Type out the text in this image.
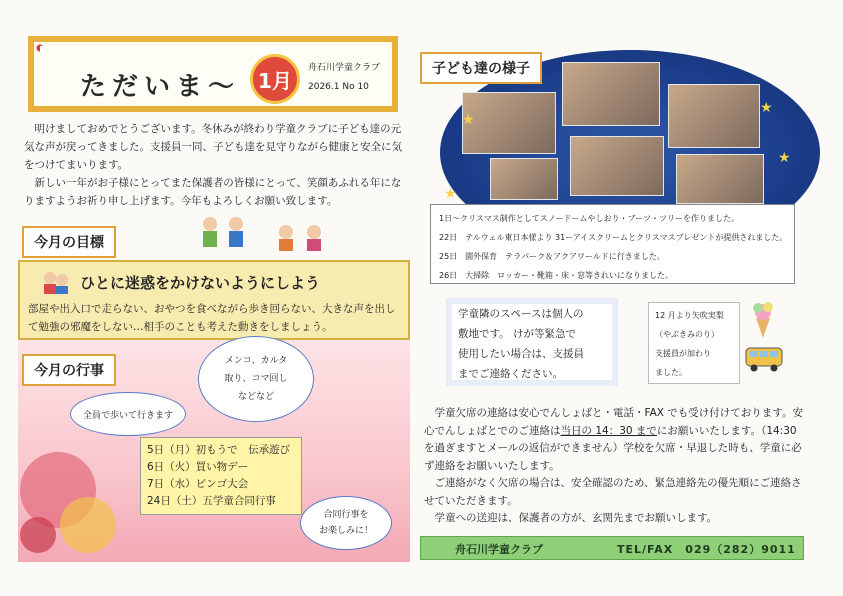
ただいま〜 1月
舟石川学童クラブ
2026.1 No 10
明けましておめでとうございます。冬休みが終わり学童クラブに子ども達の元気な声が戻ってきました。支援員一同、子ども達を見守りながら健康と安全に気をつけてまいります。
新しい一年がお子様にとってまた保護者の皆様にとって、笑顔あふれる年になりますようお祈り申し上げます。今年もよろしくお願い致します。
今月の目標
ひとに迷惑をかけないようにしよう
部屋や出入口で走らない、おやつを食べながら歩き回らない、大きな声を出して勉強の邪魔をしない…相手のことも考えた動きをしましょう。
今月の行事
全員で歩いて行きます
メンコ、カルタ
取り、コマ回し
などなど
5日（月）初もうで　伝承遊び
6日（火）買い物デー
7日（水）ビンゴ大会
24日（土）五学童合同行事
合同行事を
お楽しみに！
子ども達の様子
★
★
★
★
1日～クリスマス制作としてスノードームやしおり・ブーツ・ツリーを作りました。
22日　テルウェル東日本様より 31ーアイスクリームとクリスマスプレゼントが提供されました。
25日　園外保育　テラパーク＆アクアワールドに行きました。
26日　大掃除　ロッカー・靴箱・床・窓等きれいになりました。
学童隣のスペースは個人の
敷地です。 けが等緊急で
使用したい場合は、支援員
までご連絡ください。
12 月より矢吹実梨
（やぶきみのり）
支援員が加わり
ました。

学童欠席の連絡は安心でんしょばと・電話・FAX でも受け付けております。安心でんしょばとでのご連絡は当日の 14：30 までにお願いいたします。（14:30 を過ぎますとメールの返信ができません）学校を欠席・早退した時も、学童に必ず連絡をお願いいたします。

ご連絡がなく欠席の場合は、安全確認のため、緊急連絡先の優先順にご連絡させていただきます。

学童への送迎は、保護者の方が、玄関先までお願いします。

舟石川学童クラブ	TEL/FAX　029（282）9011
